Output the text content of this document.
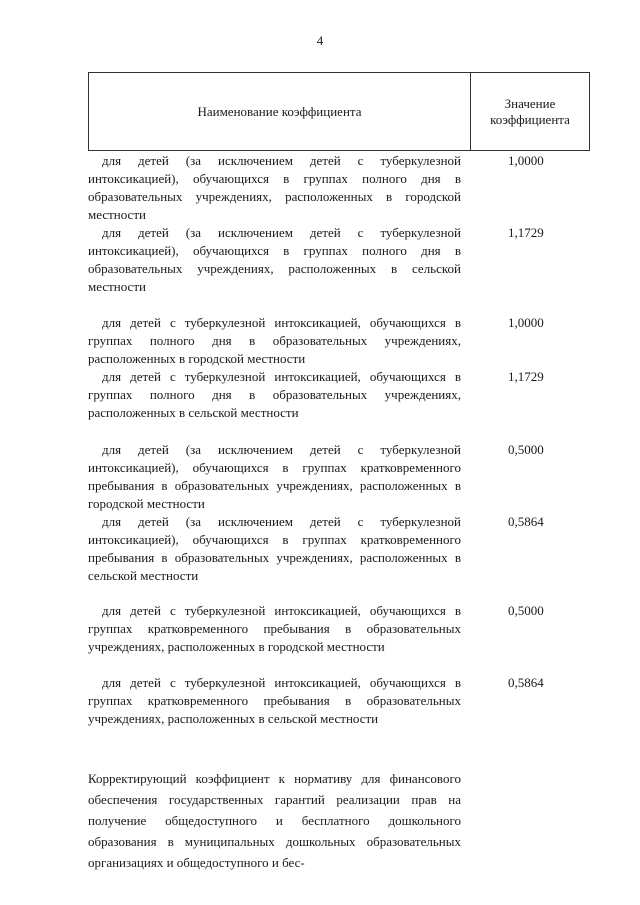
4
Наименование коэффициента
Значение
коэффициента
для детей (за исключением детей с туберкулезной интоксикацией), обучающихся в группах полного дня в образовательных учреждениях, расположенных в городской местности
1,0000
для детей (за исключением детей с туберкулезной интоксикацией), обучающихся в группах полного дня в образовательных учреждениях, расположенных в сельской местности
1,1729
для детей с туберкулезной интоксикацией, обучающихся в группах полного дня в образовательных учреждениях, расположенных в городской местности
1,0000
для детей с туберкулезной интоксикацией, обучающихся в группах полного дня в образовательных учреждениях, расположенных в сельской местности
1,1729
для детей (за исключением детей с туберкулезной интоксикацией), обучающихся в группах кратковременного пребывания в образовательных учреждениях, расположенных в городской местности
0,5000
для детей (за исключением детей с туберкулезной интоксикацией), обучающихся в группах кратковременного пребывания в образовательных учреждениях, расположенных в сельской местности
0,5864
для детей с туберкулезной интоксикацией, обучающихся в группах кратковременного пребывания в образовательных учреждениях, расположенных в городской местности
0,5000
для детей с туберкулезной интоксикацией, обучающихся в группах кратковременного пребывания в образовательных учреждениях, расположенных в сельской местности
0,5864
Корректирующий коэффициент к нормативу для финансового обеспечения государственных гарантий реализации прав на получение общедоступного и бесплатного дошкольного образования в муниципальных дошкольных образовательных организациях и общедоступного и бес-
